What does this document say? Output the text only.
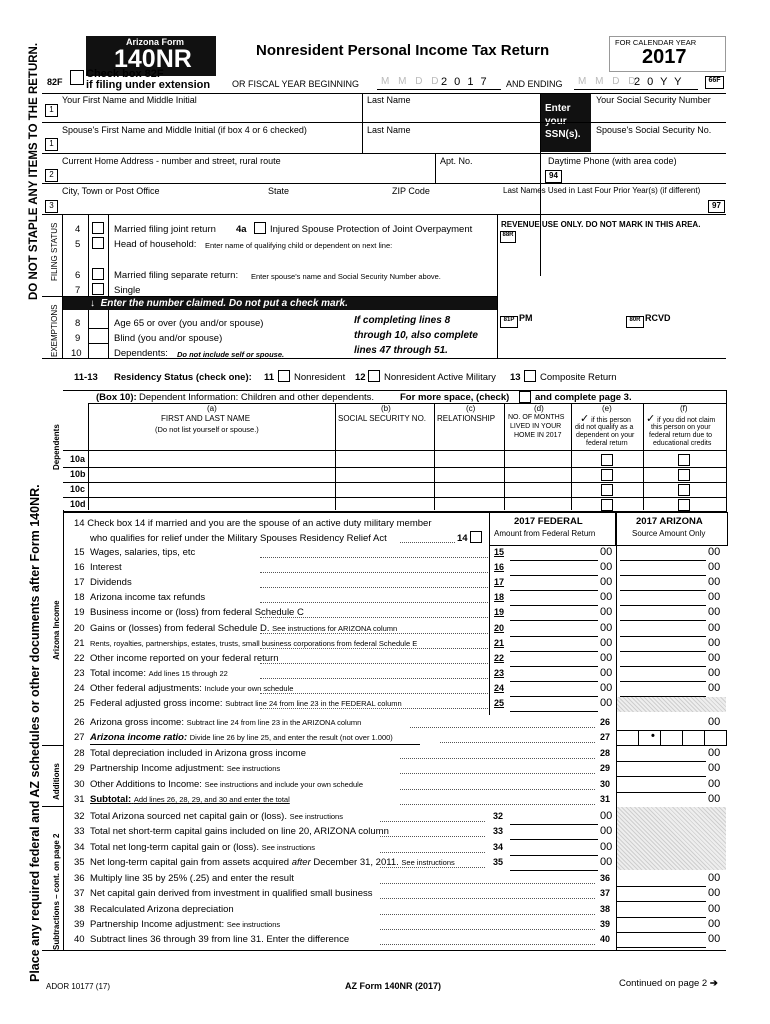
DO NOT STAPLE ANY ITEMS TO THE RETURN.
Place any required federal and AZ schedules or other documents after Form 140NR.
Arizona Form
140NR	Nonresident Personal Income Tax Return	FOR CALENDAR YEAR
2017
82F
Check box 82F
if filing under extension OR FISCAL YEAR BEGINNING M M D D 2 0 1 7 AND ENDING M M D D
2 0 Y Y	66F
Enter your SSN(s).
Your First Name and Middle Initial	Last Name	Your Social Security Number
1
Spouse's First Name and Middle Initial (if box 4 or 6 checked)	Last Name	Spouse's Social Security No.
1
Current Home Address - number and street, rural route	Apt. No.	Daytime Phone (with area code)
2	94
City, Town or Post Office	State	ZIP Code	Last Names Used in Last Four Prior Year(s) (if different)
3	97
FILING STATUS
EXEMPTIONS
4	Married filing joint return 4a Injured Spouse Protection of Joint Overpayment
5	Head of household: Enter name of qualifying child or dependent on next line:
6	Married filing separate return: Enter spouse's name and Social Security Number above.
7	Single
REVENUE USE ONLY. DO NOT MARK IN THIS AREA.
88R
↓ Enter the number claimed. Do not put a check mark.
8	Age 65 or over (you and/or spouse)
9	Blind (you and/or spouse)
10	Dependents: Do not include self or spouse.
If completing lines 8
through 10, also complete
lines 47 through 51.
81P PM	80R RCVD
11-13 Residency Status (check one): 11 Nonresident 12 Nonresident Active Military 13 Composite Return
Dependents
(Box 10): Dependent Information: Children and other dependents.	For more space, (check)	and complete page 3.
(a)
FIRST AND LAST NAME
(Do not list yourself or spouse.)
(b)
SOCIAL SECURITY NO.
(c)
RELATIONSHIP
(d)
NO. OF MONTHS
LIVED IN YOUR
HOME IN 2017
(e)
✓ if this person
did not qualify as a
dependent on your
federal return
(f)
✓ if you did not claim
this person on your
federal return due to
educational credits
10a
10b
10c
10d
Arizona Income
Additions
Subtractions – cont. on page 2
14 Check box 14 if married and you are the spouse of an active duty military member
who qualifies for relief under the Military Spouses Residency Relief Act	14
2017 FEDERAL
Amount from Federal Return
2017 ARIZONA
Source Amount Only
15 Wages, salaries, tips, etc	15	00	00
16 Interest	16	00	00
17 Dividends	17	00	00
18 Arizona income tax refunds	18	00	00
19 Business income or (loss) from federal Schedule C	19	00	00
20 Gains or (losses) from federal Schedule D. See instructions for ARIZONA column	20	00	00
21 Rents, royalties, partnerships, estates, trusts, small business corporations from federal Schedule E	21	00	00
22 Other income reported on your federal return	22	00	00
23 Total income: Add lines 15 through 22	23	00	00
24 Other federal adjustments: Include your own schedule	24	00	00
25 Federal adjusted gross income: Subtract line 24 from line 23 in the FEDERAL column	25	00
26 Arizona gross income: Subtract line 24 from line 23 in the ARIZONA column	26	00
27 Arizona income ratio: Divide line 26 by line 25, and enter the result (not over 1.000)	27	•
28 Total depreciation included in Arizona gross income	28	00
29 Partnership Income adjustment: See instructions	29	00
30 Other Additions to Income: See instructions and include your own schedule	30	00
31 Subtotal: Add lines 26, 28, 29, and 30 and enter the total	31	00
32 Total Arizona sourced net capital gain or (loss). See instructions	32	00
33 Total net short-term capital gains included on line 20, ARIZONA column	33	00
34 Total net long-term capital gain or (loss). See instructions	34	00
35 Net long-term capital gain from assets acquired after December 31, 2011. See instructions	35	00
36 Multiply line 35 by 25% (.25) and enter the result	36	00
37 Net capital gain derived from investment in qualified small business	37	00
38 Recalculated Arizona depreciation	38	00
39 Partnership Income adjustment: See instructions	39	00
40 Subtract lines 36 through 39 from line 31. Enter the difference	40	00
ADOR 10177 (17)	AZ Form 140NR (2017)	Continued on page 2 ➔
